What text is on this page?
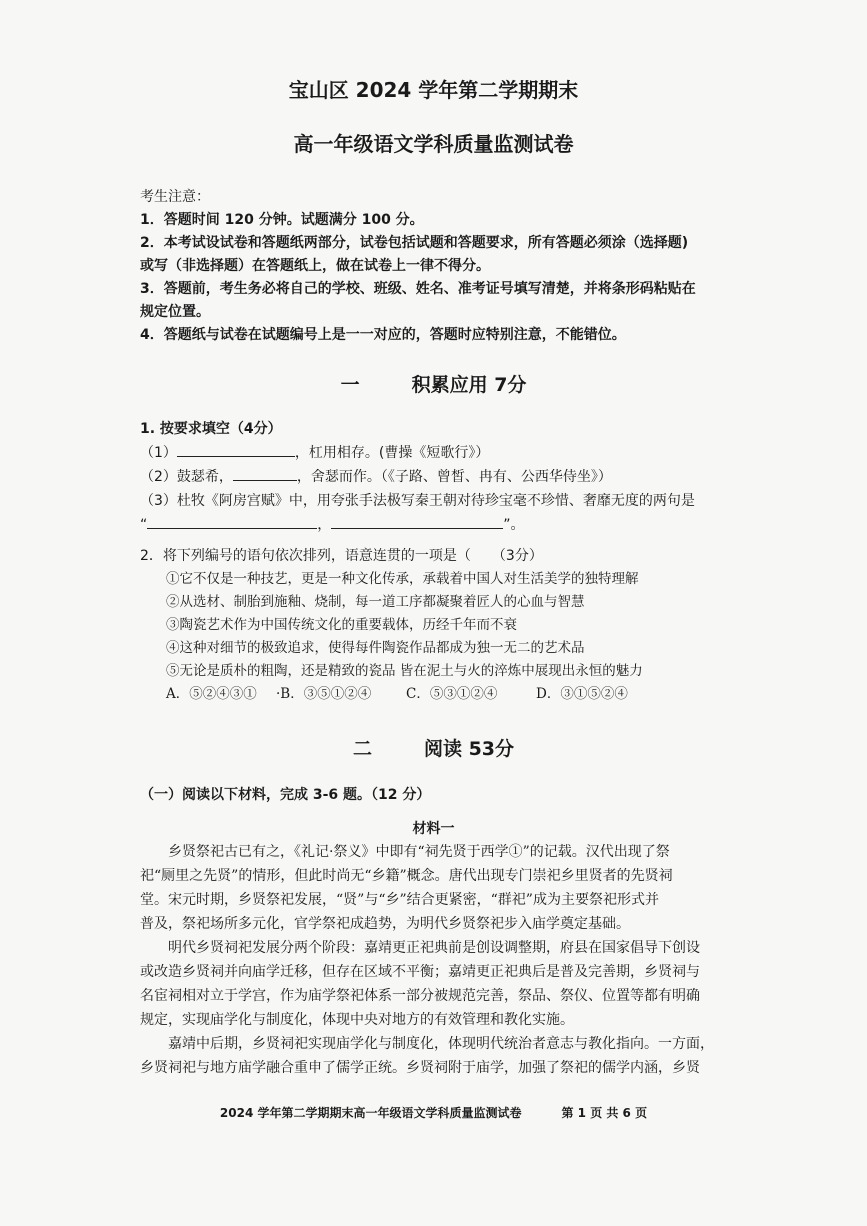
宝山区 2024 学年第二学期期末
高一年级语文学科质量监测试卷
考生注意：
1．答题时间 120 分钟。试题满分 100 分。
2．本考试设试卷和答题纸两部分，试卷包括试题和答题要求，所有答题必须涂（选择题)
或写（非选择题）在答题纸上，做在试卷上一律不得分。
3．答题前，考生务必将自己的学校、班级、姓名、准考证号填写清楚，并将条形码粘贴在
规定位置。
4．答题纸与试卷在试题编号上是一一对应的，答题时应特别注意，不能错位。
一	积累应用 7分
1. 按要求填空（4分）
（1）	，杠用相存。(曹操《短歌行》）
（2）鼓瑟希，	，舍瑟而作。（《子路、曾皙、冉有、公西华侍坐》）
（3）杜牧《阿房宫赋》中，用夸张手法极写秦王朝对待珍宝毫不珍惜、奢靡无度的两句是
“	，	”。
2．将下列编号的语句依次排列，语意连贯的一项是（　　（3分）
①它不仅是一种技艺，更是一种文化传承，承载着中国人对生活美学的独特理解
②从选材、制胎到施釉、烧制，每一道工序都凝聚着匠人的心血与智慧
③陶瓷艺术作为中国传统文化的重要载体，历经千年而不衰
④这种对细节的极致追求，使得每件陶瓷作品都成为独一无二的艺术品
⑤无论是质朴的粗陶，还是精致的瓷品 皆在泥土与火的淬炼中展现出永恒的魅力
A．⑤②④③① ·B．③⑤①②④	C．⑤③①②④	D．③①⑤②④
二	阅读 53分
（一）阅读以下材料，完成 3-6 题。（12 分）
材料一
乡贤祭祀古已有之，《礼记·祭义》中即有“祠先贤于西学①”的记载。汉代出现了祭
祀“厕里之先贤”的情形，但此时尚无“乡籍”概念。唐代出现专门崇祀乡里贤者的先贤祠
堂。宋元时期，乡贤祭祀发展，“贤”与“乡”结合更紧密，“群祀”成为主要祭祀形式并
普及，祭祀场所多元化，官学祭祀成趋势，为明代乡贤祭祀步入庙学奠定基础。
明代乡贤祠祀发展分两个阶段：嘉靖更正祀典前是创设调整期，府县在国家倡导下创设
或改造乡贤祠并向庙学迁移，但存在区域不平衡；嘉靖更正祀典后是普及完善期，乡贤祠与
名宦祠相对立于学宫，作为庙学祭祀体系一部分被规范完善，祭品、祭仪、位置等都有明确
规定，实现庙学化与制度化，体现中央对地方的有效管理和教化实施。
嘉靖中后期，乡贤祠祀实现庙学化与制度化，体现明代统治者意志与教化指向。一方面，
乡贤祠祀与地方庙学融合重申了儒学正统。乡贤祠附于庙学，加强了祭祀的儒学内涵，乡贤
2024 学年第二学期期末高一年级语文学科质量监测试卷	第 1 页 共 6 页
